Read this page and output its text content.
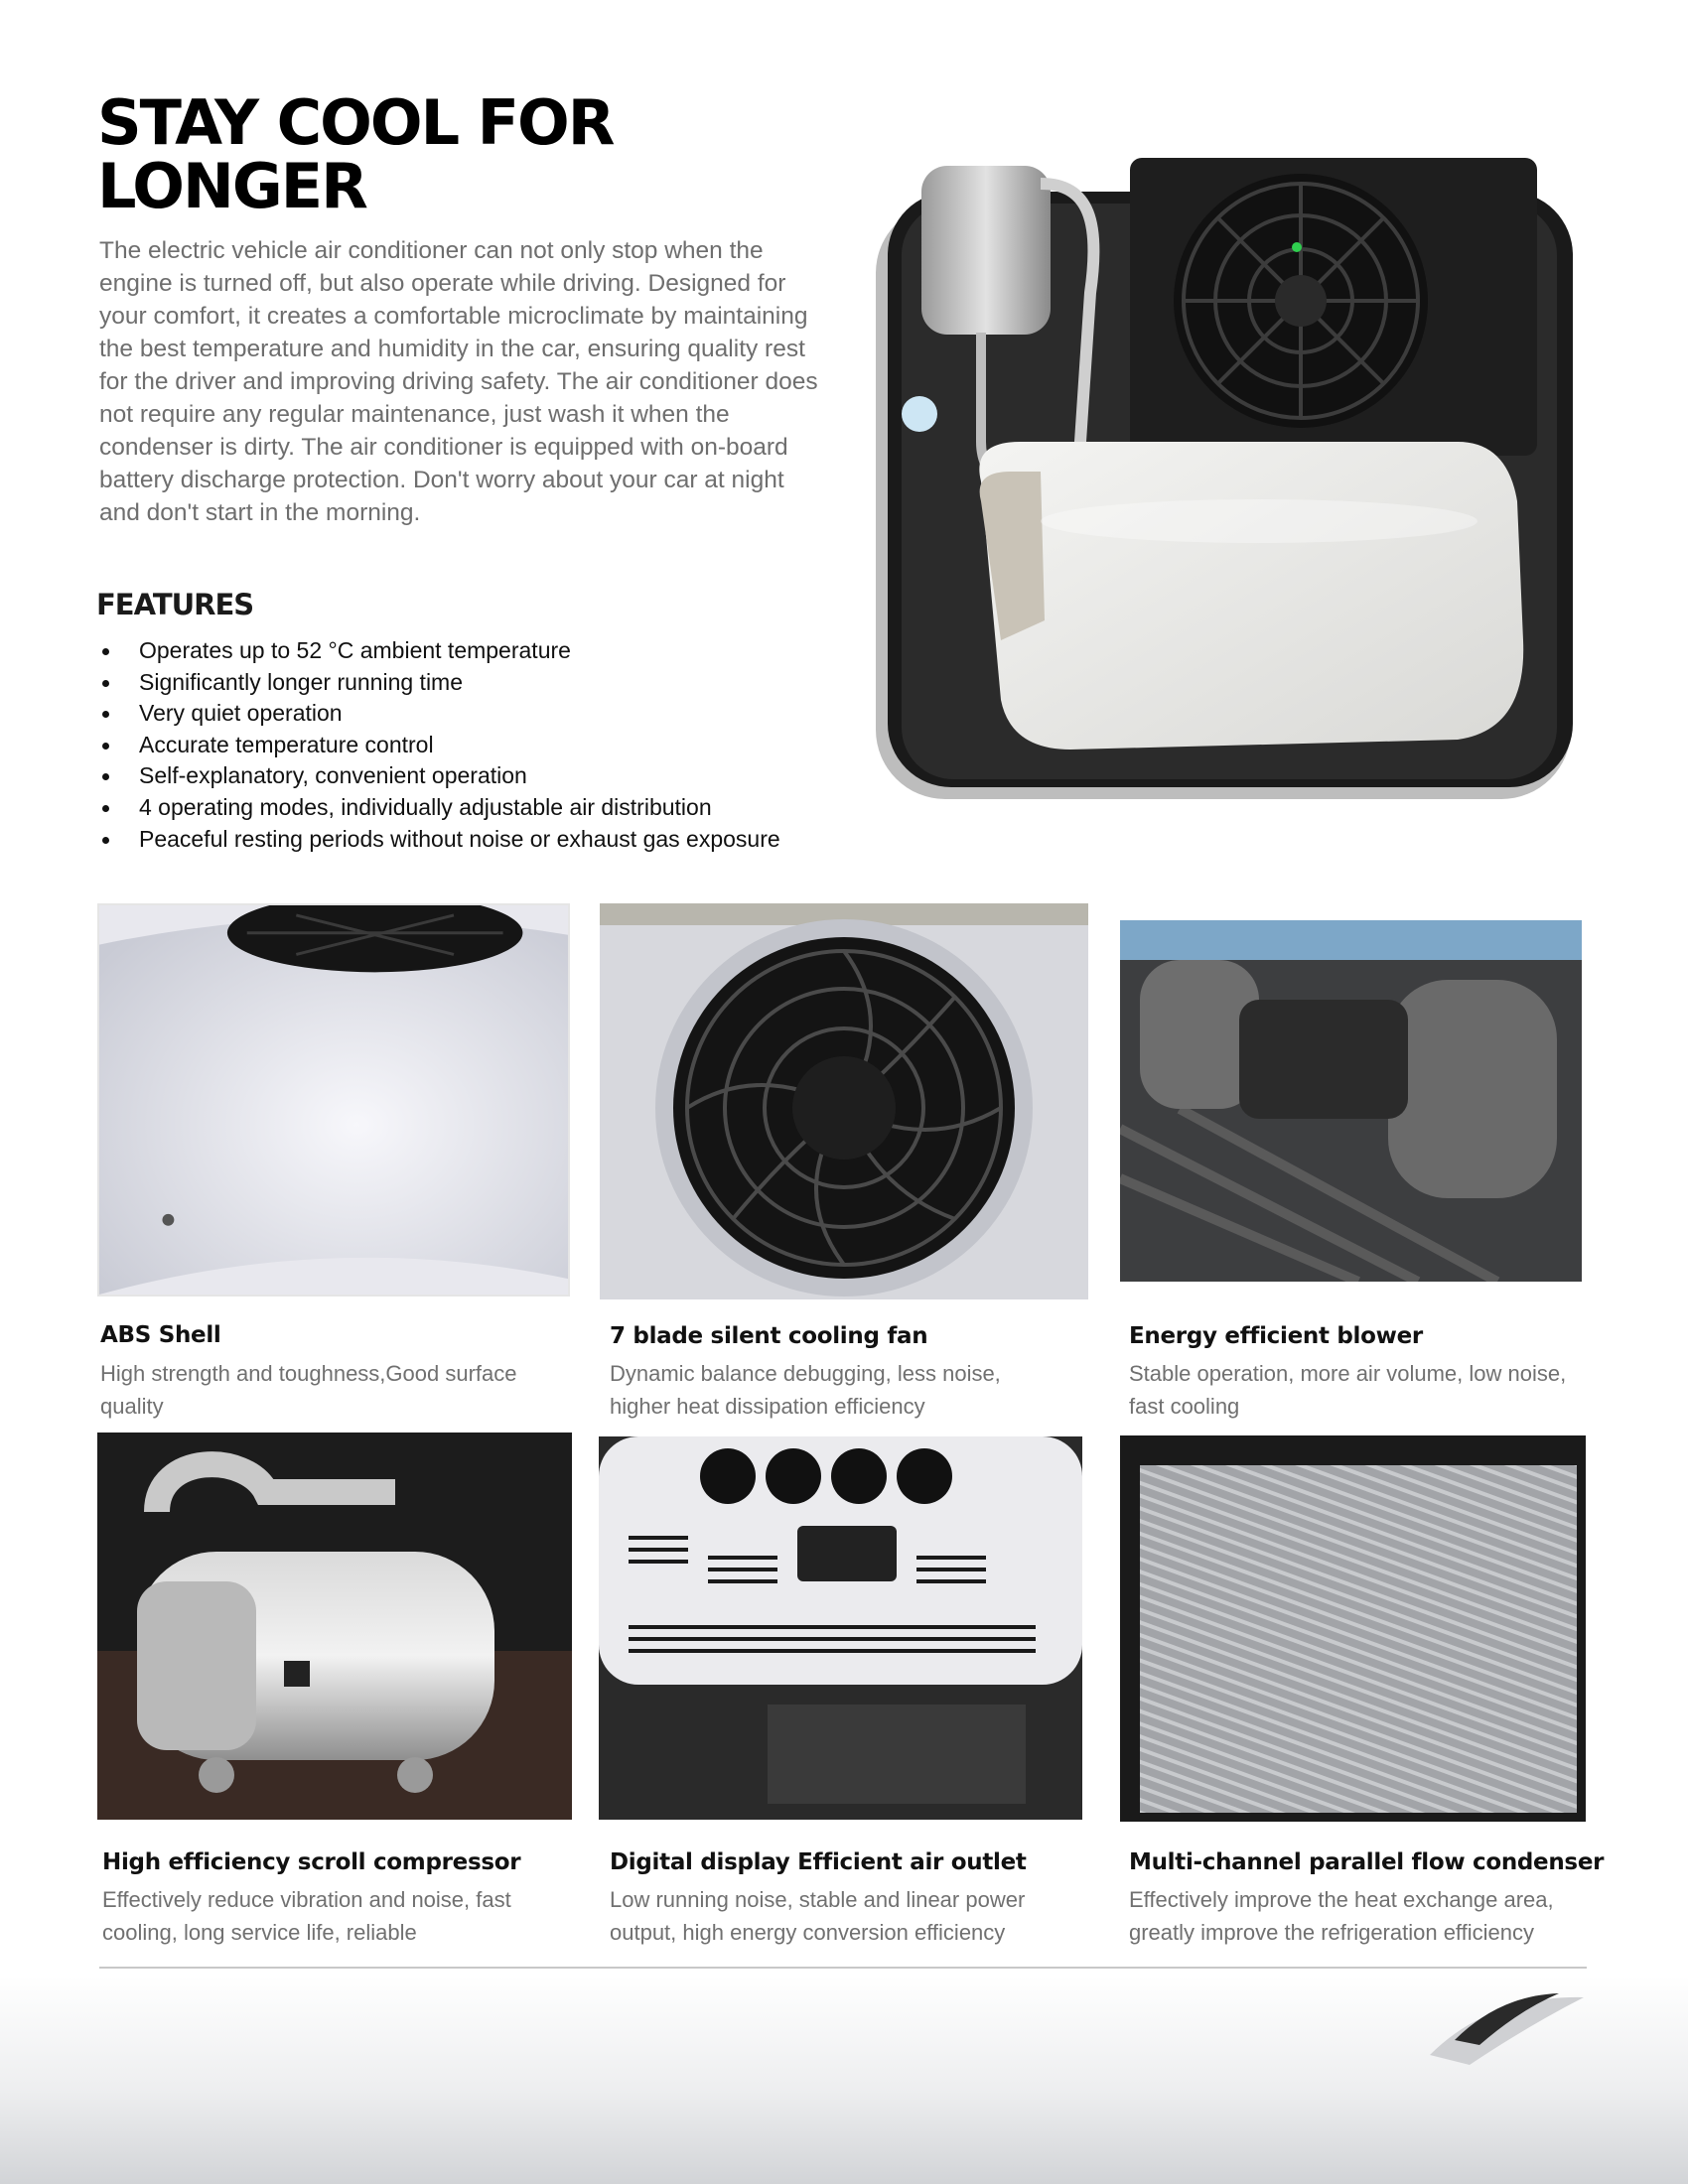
STAY COOL FOR LONGER

The electric vehicle air conditioner can not only stop when the engine is turned off, but also operate while driving. Designed for your comfort, it creates a comfortable microclimate by maintaining the best temperature and humidity in the car, ensuring quality rest for the driver and improving driving safety. The air conditioner does not require any regular maintenance, just wash it when the condenser is dirty. The air conditioner is equipped with on-board battery discharge protection. Don't worry about your car at night and don't start in the morning.

FEATURES
Operates up to 52 °C ambient temperature
Significantly longer running time
Very quiet operation
Accurate temperature control
Self-explanatory, convenient operation
4 operating modes, individually adjustable air distribution
Peaceful resting periods without noise or exhaust gas exposure
ABS Shell

High strength and toughness,Good surface quality

7 blade silent cooling fan

Dynamic balance debugging, less noise, higher heat dissipation efficiency

Energy efficient blower

Stable operation, more air volume, low noise, fast cooling

High efficiency scroll compressor

Effectively reduce vibration and noise, fast cooling, long service life, reliable

Digital display Efficient air outlet

Low running noise, stable and linear power output, high energy conversion efficiency

Multi-channel parallel flow condenser

Effectively improve the heat exchange area, greatly improve the refrigeration efficiency
